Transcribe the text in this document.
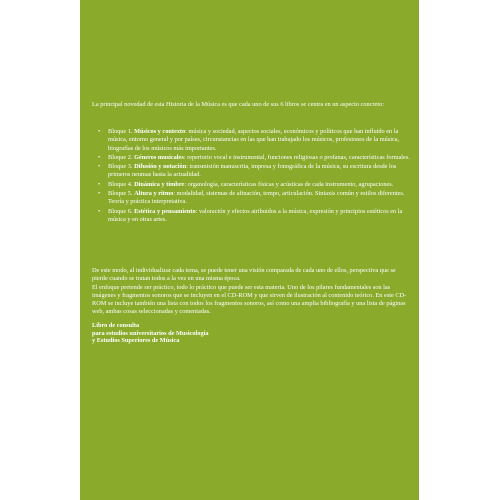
La principal novedad de esta Historia de la Música es que cada uno de sus 6 libros se centra en un aspecto concreto:

• Bloque 1. Músicos y contexto: música y sociedad, aspectos sociales, económicos y políticos que han influido en la música, entorno general y por países, circunstancias en las que han trabajado los músicos, profesiones de la música, biografías de los músicos más importantes.
• Bloque 2. Géneros musicales: repertorio vocal e instrumental, funciones religiosas o profanas, características formales.
• Bloque 3. Difusión y notación: transmisión manuscrita, impresa y fonográfica de la música, su escritura desde los primeros neumas hasta la actualidad.
• Bloque 4. Dinámica y timbre: organología, características físicas y acústicas de cada instrumento, agrupaciones.
• Bloque 5. Altura y ritmo: modalidad, sistemas de afinación, tempo, articulación. Sintaxis común y estilos diferentes. Teoría y práctica interpretativa.
• Bloque 6. Estética y pensamiento: valoración y efectos atribuidos a la música, expresión y principios estéticos en la música y en otras artes.

De este modo, al individualizar cada tema, se puede tener una visión comparada de cada uno de ellos, perspectiva que se pierde cuando se tratan todos a la vez en una misma época.

El enfoque pretende ser práctico, todo lo práctico que puede ser esta materia. Uno de los pilares fundamentales son las imágenes y fragmentos sonoros que se incluyen en el CD-ROM y que sirven de ilustración al contenido teórico. En este CD-ROM se incluye también una lista con todos los fragmentos sonoros, así como una amplia bibliografía y una lista de páginas web, ambas cosas seleccionadas y comentadas.

Libro de consulta
para estudios universitarios de Musicología
y Estudios Superiores de Música
